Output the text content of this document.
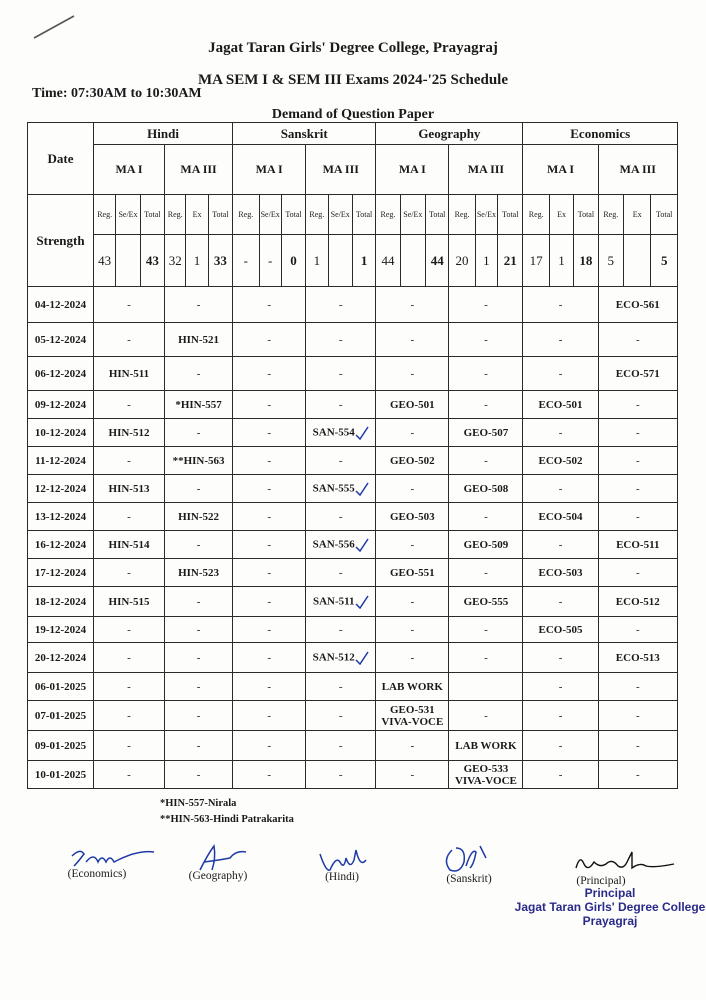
Jagat Taran Girls' Degree College, Prayagraj
MA SEM I & SEM III Exams 2024-'25 Schedule
Time: 07:30AM to 10:30AM
Demand of Question Paper
Date	Hindi						Sanskrit						Geography						Economics					
	MA I			MA III			MA I			MA III			MA I			MA III			MA I			MA III		
Strength	Reg.	Se/Ex	Total	Reg.	Ex	Total	Reg.	Se/Ex	Total	Reg.	Se/Ex	Total	Reg.	Se/Ex	Total	Reg.	Se/Ex	Total	Reg.	Ex	Total	Reg.	Ex	Total
	43		43	32	1	33	-	-	0	1		1	44		44	20	1	21	17	1	18	5		5
04-12-2024	-			-			-			-			-			-			-			ECO-561		
05-12-2024	-			HIN-521			-			-			-			-			-			-		
06-12-2024	HIN-511			-			-			-			-			-			-			ECO-571		
09-12-2024	-			*HIN-557			-			-			GEO-501			-			ECO-501			-		
10-12-2024	HIN-512			-			-			SAN-554			-			GEO-507			-			-		
11-12-2024	-			**HIN-563			-			-			GEO-502			-			ECO-502			-		
12-12-2024	HIN-513			-			-			SAN-555			-			GEO-508			-			-		
13-12-2024	-			HIN-522			-			-			GEO-503			-			ECO-504			-		
16-12-2024	HIN-514			-			-			SAN-556			-			GEO-509			-			ECO-511		
17-12-2024	-			HIN-523			-			-			GEO-551			-			ECO-503			-		
18-12-2024	HIN-515			-			-			SAN-511			-			GEO-555			-			ECO-512		
19-12-2024	-			-			-			-			-			-			ECO-505			-		
20-12-2024	-			-			-			SAN-512			-			-			-			ECO-513		
06-01-2025	-			-			-			-			LAB WORK						-			-		
07-01-2025	-			-			-			-			GEO-531 VIVA-VOCE			-			-			-		
09-01-2025	-			-			-			-			-			LAB WORK			-			-		
10-01-2025	-			-			-			-			-			GEO-533 VIVA-VOCE			-			-		
*HIN-557-Nirala
**HIN-563-Hindi Patrakarita
(Economics)	(Geography)	(Hindi)	(Sanskrit)	(Principal)
Principal
Jagat Taran Girls' Degree College
Prayagraj
